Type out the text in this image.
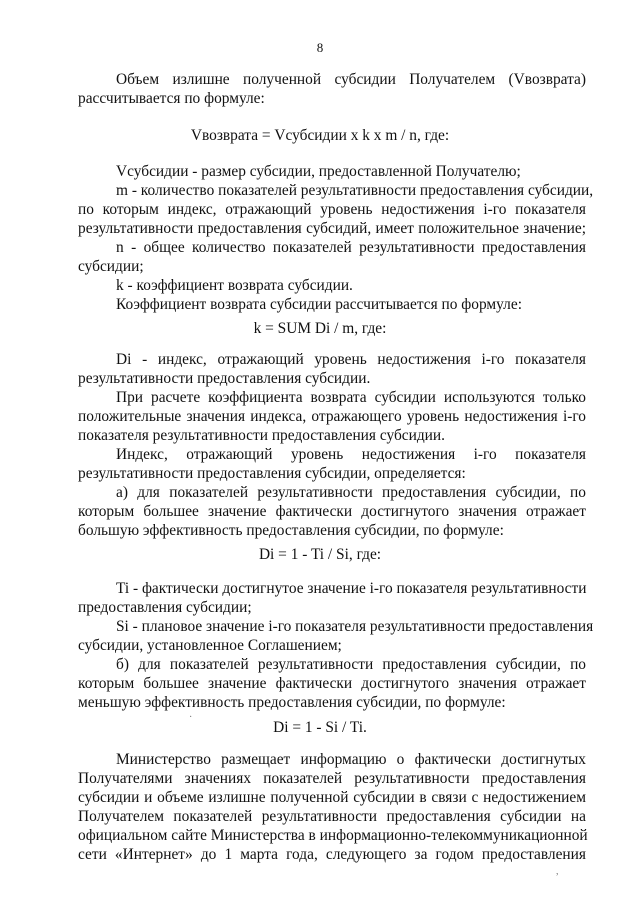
8
Объем излишне полученной субсидии Получателем (Vвозврата)
рассчитывается по формуле:
Vвозврата = Vсубсидии x k x m / n, где:
Vсубсидии - размер субсидии, предоставленной Получателю;
m - количество показателей результативности предоставления субсидии,
по которым индекс, отражающий уровень недостижения i-го показателя
результативности предоставления субсидий, имеет положительное значение;
n - общее количество показателей результативности предоставления
субсидии;
k - коэффициент возврата субсидии.
Коэффициент возврата субсидии рассчитывается по формуле:
k = SUM Di / m, где:
Di - индекс, отражающий уровень недостижения i-го показателя
результативности предоставления субсидии.
При расчете коэффициента возврата субсидии используются только
положительные значения индекса, отражающего уровень недостижения i-го
показателя результативности предоставления субсидии.
Индекс, отражающий уровень недостижения i-го показателя
результативности предоставления субсидии, определяется:
а) для показателей результативности предоставления субсидии, по
которым большее значение фактически достигнутого значения отражает
большую эффективность предоставления субсидии, по формуле:
Di = 1 - Ti / Si, где:
Ti - фактически достигнутое значение i-го показателя результативности
предоставления субсидии;
Si - плановое значение i-го показателя результативности предоставления
субсидии, установленное Соглашением;
б) для показателей результативности предоставления субсидии, по
которым большее значение фактически достигнутого значения отражает
меньшую эффективность предоставления субсидии, по формуле:
Di = 1 - Si / Ti.
Министерство размещает информацию о фактически достигнутых
Получателями значениях показателей результативности предоставления
субсидии и объеме излишне полученной субсидии в связи с недостижением
Получателем показателей результативности предоставления субсидии на
официальном сайте Министерства в информационно-телекоммуникационной
сети «Интернет» до 1 марта года, следующего за годом предоставления
·
,
